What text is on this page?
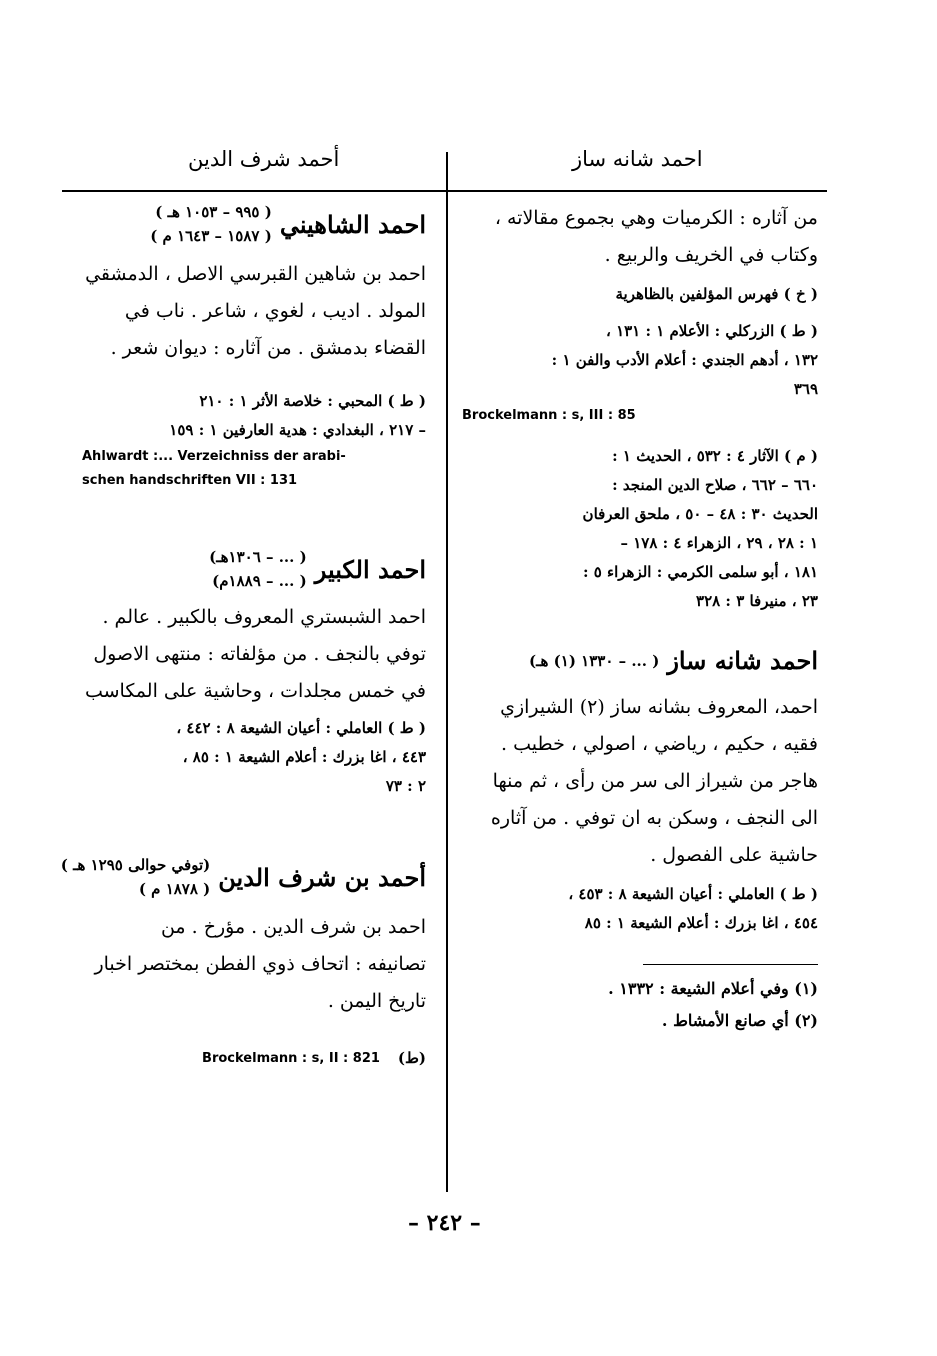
احمد شانه ساز
أحمد شرف الدين

من آثاره : الكرميات وهي بجموع مقالاته ،

وكتاب في الخريف والربيع .

( خ ) فهرس المؤلفين بالظاهرية

( ط ) الزركلي : الأعلام ١ : ١٣١ ،

١٣٢ ، أدهم الجندي : أعلام الأدب والفن ١ :

٣٦٩

Brockelmann : s, III : 85

( م ) الآثار ٤ : ٥٣٢ ، الحديث ١ :

٦٦٠ – ٦٦٢ ، صلاح الدين المنجد :

الحديث ٣٠ : ٤٨ – ٥٠ ، ملحق العرفان

١ : ٢٨ ، ٢٩ ، الزهراء ٤ : ١٧٨ –

١٨١ ، أبو سلمى الكرمي : الزهراء ٥ :

٢٣ ، منيرفا ٣ : ٣٢٨

احمد شانه ساز
( ... – ١٣٣٠ (١) هـ)

احمد، المعروف بشانه ساز (٢) الشيرازي

فقيه ، حكيم ، رياضي ، اصولي ، خطيب .

هاجر من شيراز الى سر من رأى ، ثم منها

الى النجف ، وسكن به ان توفي . من آثاره

حاشية على الفصول .

( ط ) العاملي : أعيان الشيعة ٨ : ٤٥٣ ،

٤٥٤ ، اغا بزرك : أعلام الشيعة ١ : ٨٥

(١) وفي أعلام الشيعة : ١٣٣٢ .

(٢) أي صانع الأمشاط .

احمد الشاهيني
( ٩٩٥ – ١٠٥٣ هـ )
( ١٥٨٧ – ١٦٤٣ م )

احمد بن شاهين القبرسي الاصل ، الدمشقي

المولد . اديب ، لغوي ، شاعر . ناب في

القضاء بدمشق . من آثاره : ديوان شعر .

( ط ) المحبي : خلاصة الأثر ١ : ٢١٠

– ٢١٧ ، البغدادي : هدية العارفين ١ : ١٥٩

Ahlwardt :... Verzeichniss der arabi-

schen handschriften VII : 131

احمد الكبير
( ... – ١٣٠٦هـ)
( ... – ١٨٨٩م)

احمد الشبستري المعروف بالكبير . عالم .

توفي بالنجف . من مؤلفاته : منتهى الاصول

في خمس مجلدات ، وحاشية على المكاسب

( ط ) العاملي : أعيان الشيعة ٨ : ٤٤٢ ،

٤٤٣ ، اغا بزرك : أعلام الشيعة ١ : ٨٥ ،

٢ : ٧٣

أحمد بن شرف الدين
(توفي حوالى ١٢٩٥ هـ )
( ١٨٧٨ م )

احمد بن شرف الدين . مؤرخ . من

تصانيفه : اتحاف ذوي الفطن بمختصر اخبار

تاريخ اليمن .

(ط)
Brockelmann : s, II : 821
– ٢٤٢ –
